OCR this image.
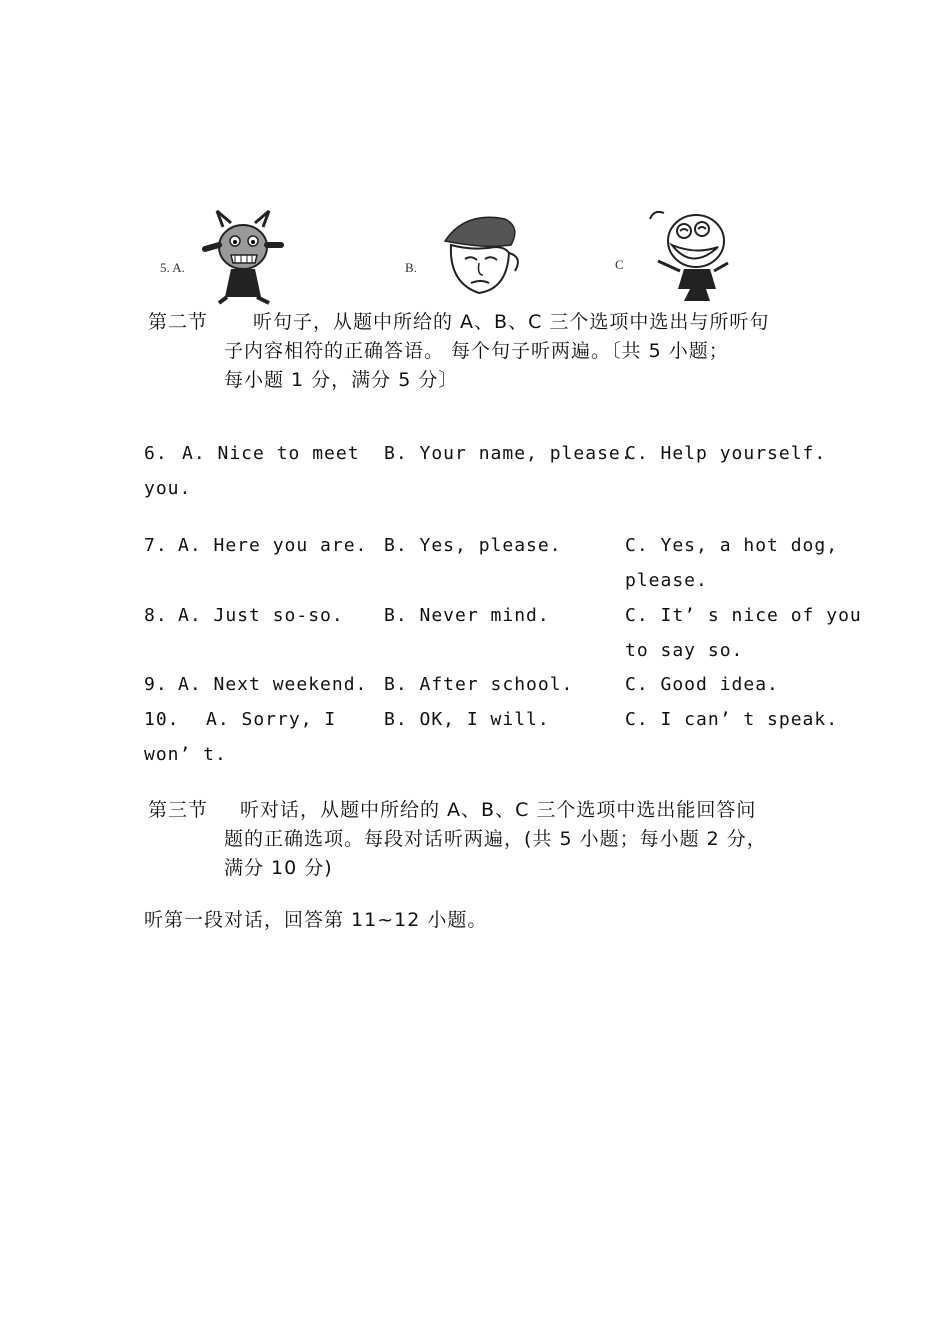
5. A.	B.	C
第二节 听句子，从题中所给的 A、B、C 三个选项中选出与所听句
子内容相符的正确答语。 每个句子听两遍。〔共 5 小题；
每小题 1 分，满分 5 分〕
6. A. Nice to meet
you.
B. Your name, please.
C. Help yourself.
7. A. Here you are. B. Yes, please.	C. Yes, a hot dog,
please.
8. A. Just so-so. B. Never mind.	C. It’ s nice of you
to say so.
9. A. Next weekend. B. After school.	C. Good idea.
10. A. Sorry, I
won’ t.
B. OK, I will.	C. I can’ t speak.
第三节 听对话，从题中所给的 A、B、C 三个选项中选出能回答问
题的正确选项。每段对话听两遍，(共 5 小题；每小题 2 分，
满分 10 分)
听第一段对话，回答第 11~12 小题。
